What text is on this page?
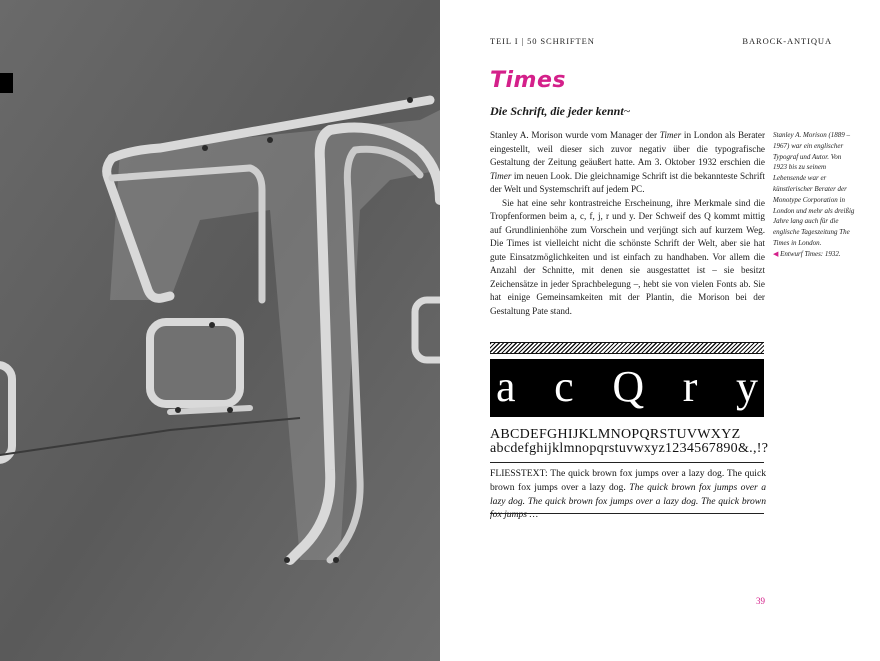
TEIL I | 50 SCHRIFTEN	BAROCK-ANTIQUA
Times
Die Schrift, die jeder kennt~

Stanley A. Morison wurde vom Manager der Timer in London als Berater eingestellt, weil dieser sich zuvor negativ über die typografische Gestaltung der Zeitung geäußert hatte. Am 3. Oktober 1932 erschien die Timer im neuen Look. Die gleichnamige Schrift ist die bekannteste Schrift der Welt und Systemschrift auf jedem PC.

Sie hat eine sehr kontrastreiche Erscheinung, ihre Merkmale sind die Tropfenformen beim a, c, f, j, r und y. Der Schweif des Q kommt mittig auf Grundlinienhöhe zum Vorschein und verjüngt sich auf kurzem Weg. Die Times ist vielleicht nicht die schönste Schrift der Welt, aber sie hat gute Einsatzmöglichkeiten und ist einfach zu handhaben. Vor allem die Anzahl der Schnitte, mit denen sie ausgestattet ist – sie besitzt Zeichensätze in jeder Sprachbelegung –, hebt sie von vielen Fonts ab. Sie hat einige Gemeinsamkeiten mit der Plantin, die Morison bei der Gestaltung Pate stand.

Stanley A. Morison (1889 – 1967) war ein englischer Typograf und Autor. Von 1923 bis zu seinem Lebensende war er künstlerischer Berater der Monotype Corporation in London und mehr als dreißig Jahre lang auch für die englische Tageszeitung The Times in London.

◀ Entwurf Times: 1932.

a c Q r y
ABCDEFGHIJKLMNOPQRSTUVWXYZ
abcdefghijklmnopqrstuvwxyz1234567890&.,!?
FLIESSTEXT: The quick brown fox jumps over a lazy dog. The quick brown fox jumps over a lazy dog. The quick brown fox jumps over a lazy dog. The quick brown fox jumps over a lazy dog. The quick brown fox jumps …
39
